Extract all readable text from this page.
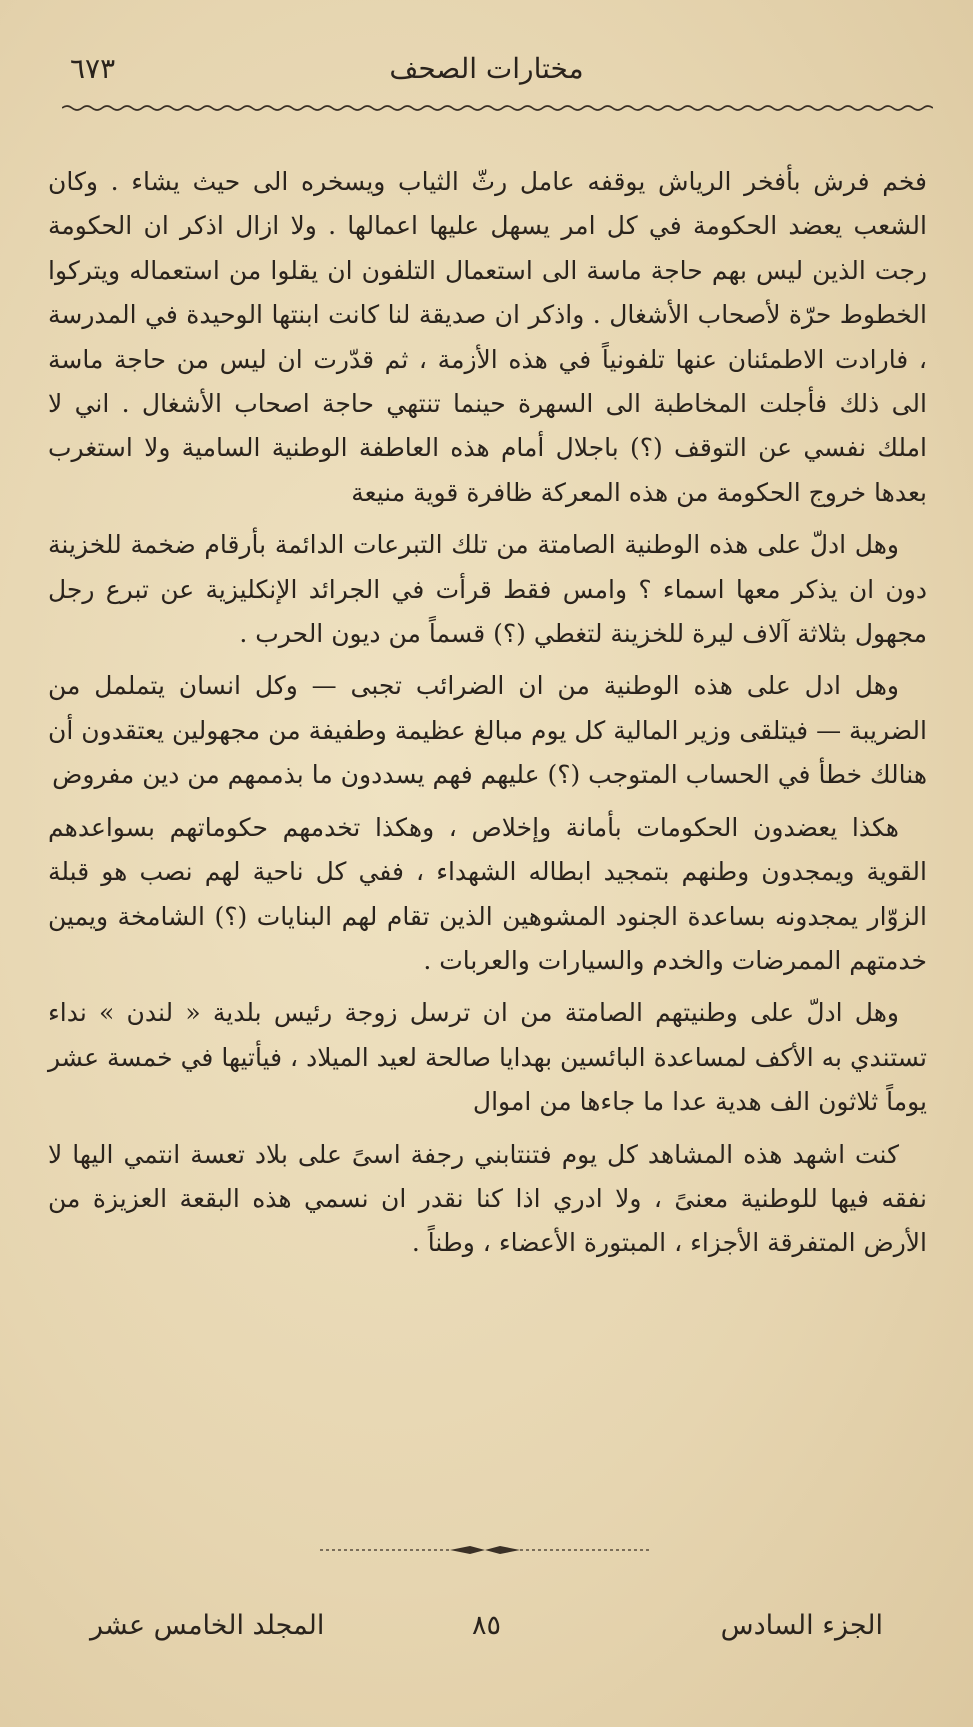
مختارات الصحف
٦٧٣

فخم فرش بأفخر الرياش يوقفه عامل رثّ الثياب ويسخره الى حيث يشاء . وكان الشعب يعضد الحكومة في كل امر يسهل عليها اعمالها . ولا ازال اذكر ان الحكومة رجت الذين ليس بهم حاجة ماسة الى استعمال التلفون ان يقلوا من استعماله ويتركوا الخطوط حرّة لأصحاب الأشغال . واذكر ان صديقة لنا كانت ابنتها الوحيدة في المدرسة ، فارادت الاطمئنان عنها تلفونياً في هذه الأزمة ، ثم قدّرت ان ليس من حاجة ماسة الى ذلك فأجلت المخاطبة الى السهرة حينما تنتهي حاجة اصحاب الأشغال . اني لا املك نفسي عن التوقف (؟) باجلال أمام هذه العاطفة الوطنية السامية ولا استغرب بعدها خروج الحكومة من هذه المعركة ظافرة قوية منيعة

وهل ادلّ على هذه الوطنية الصامتة من تلك التبرعات الدائمة بأرقام ضخمة للخزينة دون ان يذكر معها اسماء ؟ وامس فقط قرأت في الجرائد الإنكليزية عن تبرع رجل مجهول بثلاثة آلاف ليرة للخزينة لتغطي (؟) قسماً من ديون الحرب .

وهل ادل على هذه الوطنية من ان الضرائب تجبى — وكل انسان يتململ من الضريبة — فيتلقى وزير المالية كل يوم مبالغ عظيمة وطفيفة من مجهولين يعتقدون أن هنالك خطأ في الحساب المتوجب (؟) عليهم فهم يسددون ما بذممهم من دين مفروض

هكذا يعضدون الحكومات بأمانة وإخلاص ، وهكذا تخدمهم حكوماتهم بسواعدهم القوية ويمجدون وطنهم بتمجيد ابطاله الشهداء ، ففي كل ناحية لهم نصب هو قبلة الزوّار يمجدونه بساعدة الجنود المشوهين الذين تقام لهم البنايات (؟) الشامخة ويمين خدمتهم الممرضات والخدم والسيارات والعربات .

وهل ادلّ على وطنيتهم الصامتة من ان ترسل زوجة رئيس بلدية « لندن » نداء تستندي به الأكف لمساعدة البائسين بهدايا صالحة لعيد الميلاد ، فيأتيها في خمسة عشر يوماً ثلاثون الف هدية عدا ما جاءها من اموال

كنت اشهد هذه المشاهد كل يوم فتنتابني رجفة اسىً على بلاد تعسة انتمي اليها لا نفقه فيها للوطنية معنىً ، ولا ادري اذا كنا نقدر ان نسمي هذه البقعة العزيزة من الأرض المتفرقة الأجزاء ، المبتورة الأعضاء ، وطناً .

الجزء السادس
٨٥
المجلد الخامس عشر
